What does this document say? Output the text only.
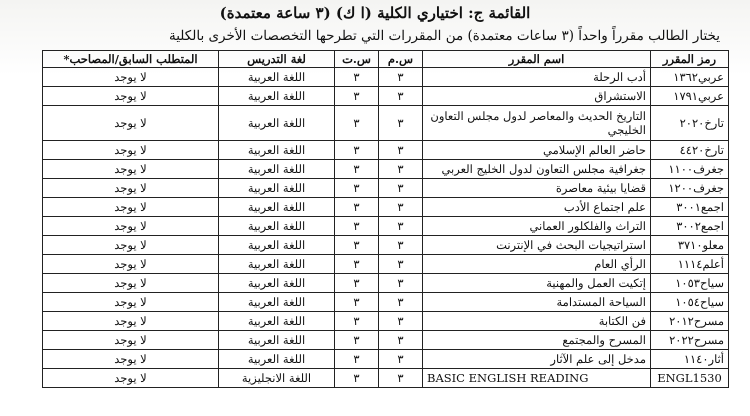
القائمة ج: اختياري الكلية (ا ك) (٣ ساعة معتمدة)
يختار الطالب مقرراً واحداً (٣ ساعات معتمدة) من المقررات التي تطرحها التخصصات الأخرى بالكلية
رمز المقرر	اسم المقرر	س.م	س.ت	لغة التدريس	المتطلب السابق/المصاحب*
عربي١٣٦٢	أدب الرحلة	٣	٣	اللغة العربية	لا يوجد
عربي١٧٩١	الاستشراق	٣	٣	اللغة العربية	لا يوجد
تارخ٢٠٢٠	التاريخ الحديث والمعاصر لدول مجلس التعاون الخليجي	٣	٣	اللغة العربية	لا يوجد
تارخ٤٤٢٠	حاضر العالم الإسلامي	٣	٣	اللغة العربية	لا يوجد
جغرف١١٠٠	جغرافية مجلس التعاون لدول الخليج العربي	٣	٣	اللغة العربية	لا يوجد
جغرف١٢٠٠	قضايا بيئية معاصرة	٣	٣	اللغة العربية	لا يوجد
اجمع٣٠٠١	علم اجتماع الأدب	٣	٣	اللغة العربية	لا يوجد
اجمع٣٠٠٢	التراث والفلكلور العماني	٣	٣	اللغة العربية	لا يوجد
معلو٣٧١٠	استراتيجيات البحث في الإنترنت	٣	٣	اللغة العربية	لا يوجد
أعلم١١١٤	الرأي العام	٣	٣	اللغة العربية	لا يوجد
سياح١٠٥٣	إتكيت العمل والمهنية	٣	٣	اللغة العربية	لا يوجد
سياح١٠٥٤	السياحة المستدامة	٣	٣	اللغة العربية	لا يوجد
مسرح٢٠١٢	فن الكتابة	٣	٣	اللغة العربية	لا يوجد
مسرح٢٠٢٢	المسرح والمجتمع	٣	٣	اللغة العربية	لا يوجد
أثار١١٤٠	مدخل إلى علم الآثار	٣	٣	اللغة العربية	لا يوجد
ENGL1530	BASIC ENGLISH READING	٣	٣	اللغة الانجليزية	لا يوجد
